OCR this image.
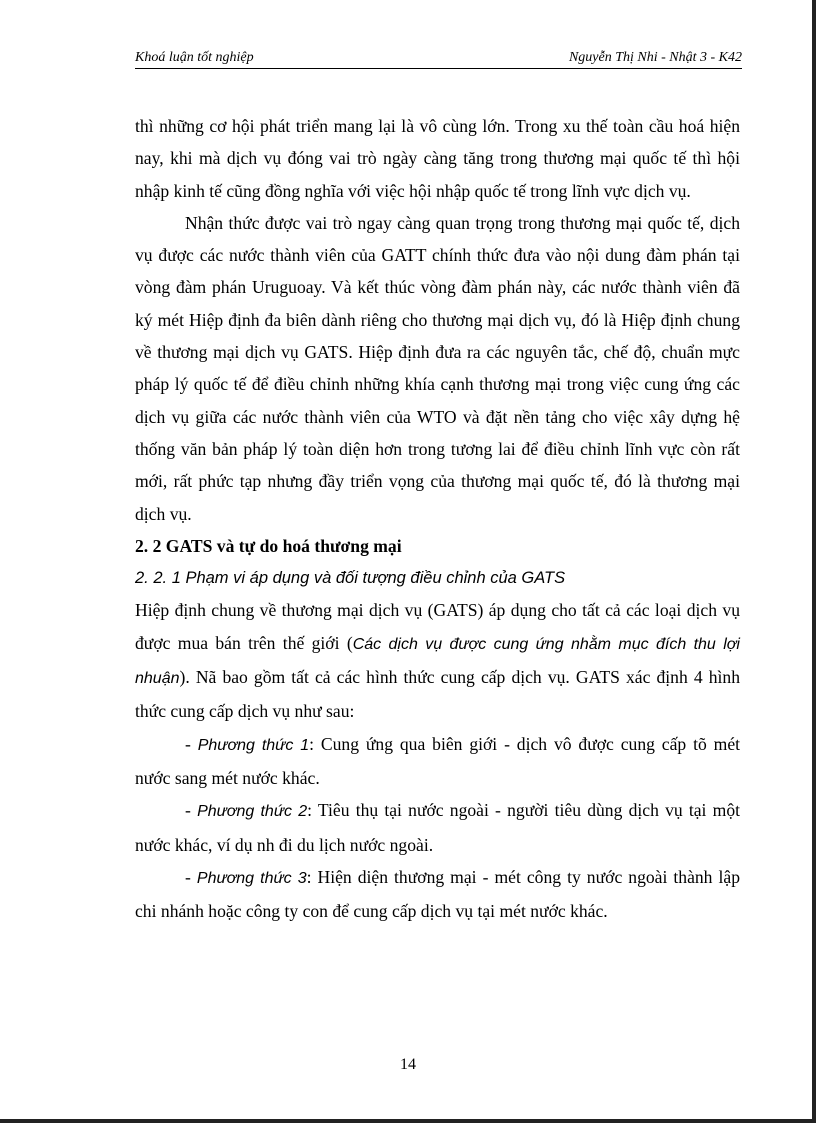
Khoá luận tốt nghiệp	Nguyễn Thị Nhi - Nhật 3 - K42

thì những cơ hội phát triển mang lại là vô cùng lớn. Trong xu thế toàn cầu hoá hiện nay, khi mà dịch vụ đóng vai trò ngày càng tăng trong thương mại quốc tế thì hội nhập kinh tế cũng đồng nghĩa với việc hội nhập quốc tế trong lĩnh vực dịch vụ.

Nhận thức được vai trò ngay càng quan trọng trong thương mại quốc tế, dịch vụ được các nước thành viên của GATT chính thức đưa vào nội dung đàm phán tại vòng đàm phán Uruguoay. Và kết thúc vòng đàm phán này, các nước thành viên đã ký mét Hiệp định đa biên dành riêng cho thương mại dịch vụ, đó là Hiệp định chung về thương mại dịch vụ GATS. Hiệp định đưa ra các nguyên tắc, chế độ, chuẩn mực pháp lý quốc tế để điều chỉnh những khía cạnh thương mại trong việc cung ứng các dịch vụ giữa các nước thành viên của WTO và đặt nền tảng cho việc xây dựng hệ thống văn bản pháp lý toàn diện hơn trong tương lai để điều chỉnh lĩnh vực còn rất mới, rất phức tạp nhưng đầy triển vọng của thương mại quốc tế, đó là thương mại dịch vụ.

2. 2 GATS và tự do hoá thương mại

2. 2. 1 Phạm vi áp dụng và đối tượng điều chỉnh của GATS

Hiệp định chung về thương mại dịch vụ (GATS) áp dụng cho tất cả các loại dịch vụ được mua bán trên thế giới (Các dịch vụ được cung ứng nhằm mục đích thu lợi nhuận). Nã bao gồm tất cả các hình thức cung cấp dịch vụ. GATS xác định 4 hình thức cung cấp dịch vụ như sau:

- Phương thức 1: Cung ứng qua biên giới - dịch vô được cung cấp tõ mét nước sang mét nước khác.

- Phương thức 2: Tiêu thụ tại nước ngoài - người tiêu dùng dịch vụ tại một nước khác, ví dụ nh đi du lịch nước ngoài.

- Phương thức 3: Hiện diện thương mại - mét công ty nước ngoài thành lập chi nhánh hoặc công ty con để cung cấp dịch vụ tại mét nước khác.

14
